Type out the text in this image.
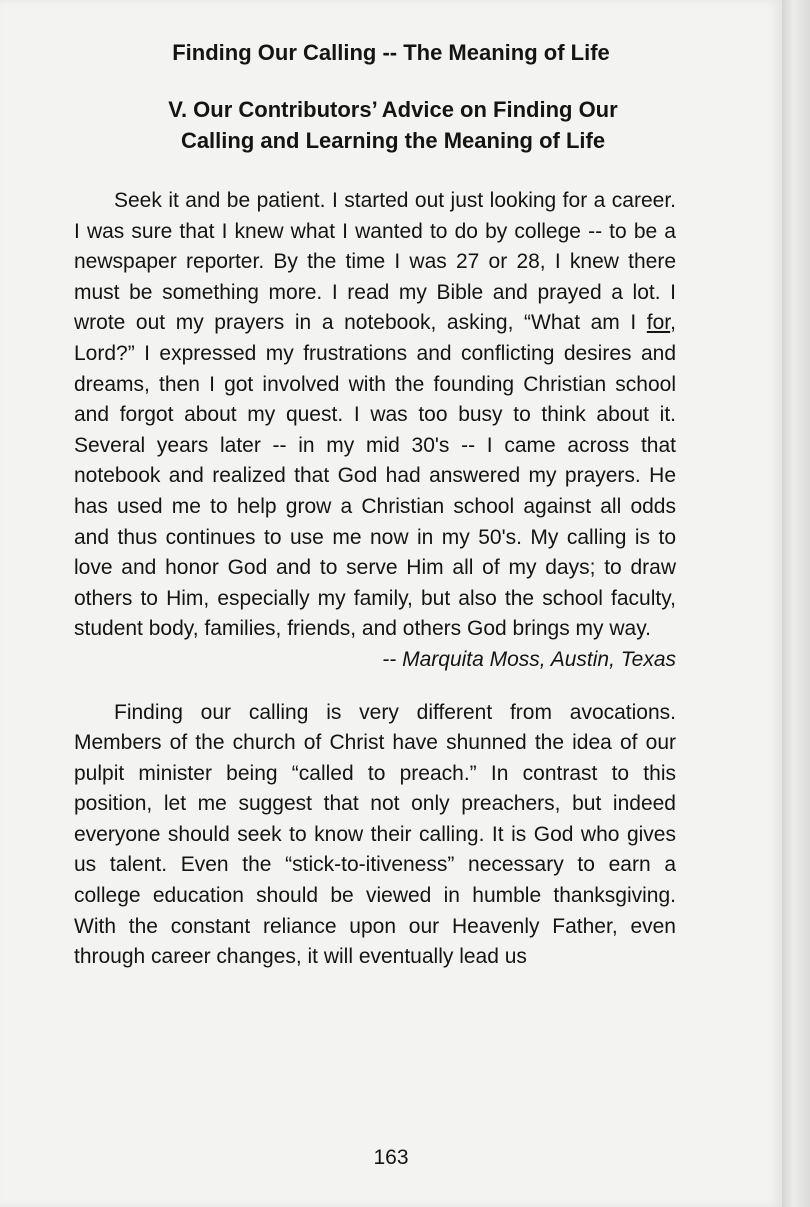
Finding Our Calling -- The Meaning of Life
V. Our Contributors’ Advice on Finding Our
Calling and Learning the Meaning of Life

Seek it and be patient. I started out just looking for a career. I was sure that I knew what I wanted to do by college -- to be a newspaper reporter. By the time I was 27 or 28, I knew there must be something more. I read my Bible and prayed a lot. I wrote out my prayers in a notebook, asking, “What am I for, Lord?” I expressed my frustrations and conflicting desires and dreams, then I got involved with the founding Christian school and forgot about my quest. I was too busy to think about it. Several years later -- in my mid 30's -- I came across that notebook and realized that God had answered my prayers. He has used me to help grow a Christian school against all odds and thus continues to use me now in my 50's. My calling is to love and honor God and to serve Him all of my days; to draw others to Him, especially my family, but also the school faculty, student body, families, friends, and others God brings my way.

-- Marquita Moss, Austin, Texas

Finding our calling is very different from avocations. Members of the church of Christ have shunned the idea of our pulpit minister being “called to preach.” In contrast to this position, let me suggest that not only preachers, but indeed everyone should seek to know their calling. It is God who gives us talent. Even the “stick-to-itiveness” necessary to earn a college education should be viewed in humble thanksgiving. With the constant reliance upon our Heavenly Father, even through career changes, it will eventually lead us

163
